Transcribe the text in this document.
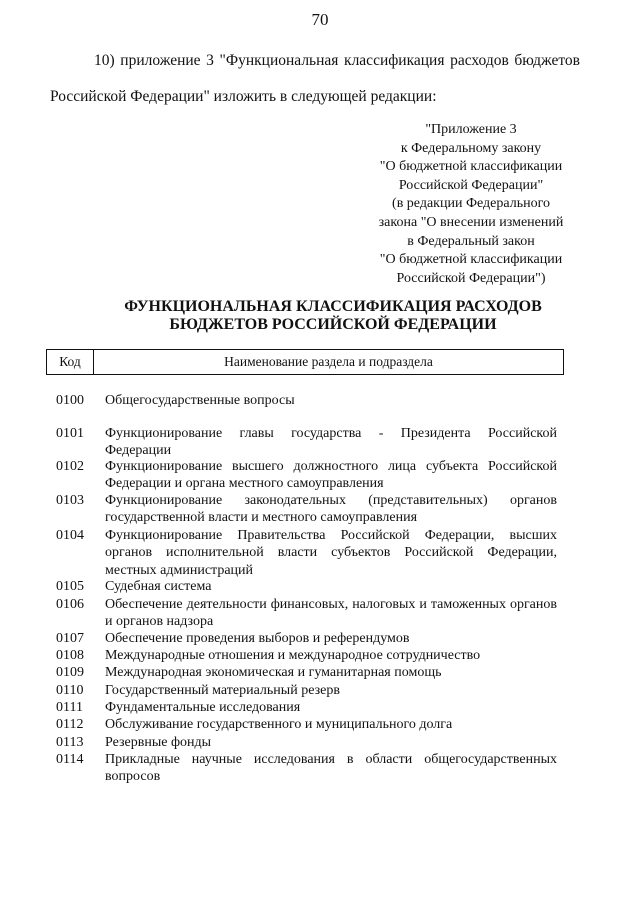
70
10) приложение 3 "Функциональная классификация расходов бюджетов
Российской Федерации" изложить в следующей редакции:
"Приложение 3
к Федеральному закону
"О бюджетной классификации
Российской Федерации"
(в редакции Федерального
закона "О внесении изменений
в Федеральный закон
"О бюджетной классификации
Российской Федерации")
ФУНКЦИОНАЛЬНАЯ КЛАССИФИКАЦИЯ РАСХОДОВ
БЮДЖЕТОВ РОССИЙСКОЙ ФЕДЕРАЦИИ
Код	Наименование раздела и подраздела
0100 Общегосударственные вопросы
0101 Функционирование главы государства - Президента Российской Федерации
0102 Функционирование высшего должностного лица субъекта Российской Федерации и органа местного самоуправления
0103 Функционирование законодательных (представительных) органов государственной власти и местного самоуправления
0104 Функционирование Правительства Российской Федерации, высших органов исполнительной власти субъектов Российской Федерации, местных администраций
0105 Судебная система
0106 Обеспечение деятельности финансовых, налоговых и таможенных органов и органов надзора
0107 Обеспечение проведения выборов и референдумов
0108 Международные отношения и международное сотрудничество
0109 Международная экономическая и гуманитарная помощь
0110 Государственный материальный резерв
0111 Фундаментальные исследования
0112 Обслуживание государственного и муниципального долга
0113 Резервные фонды
0114 Прикладные научные исследования в области общегосударственных вопросов
